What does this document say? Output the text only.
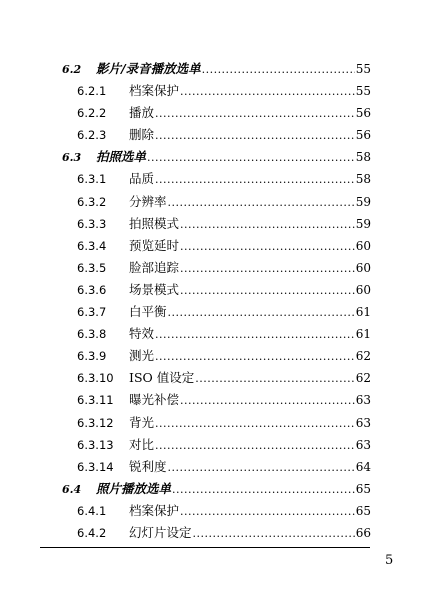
6.2	影片/录音播放选单 .....	55
6.2.1	档案保护 .....	55
6.2.2	播放 .....	56
6.2.3	删除 .....	56
6.3	拍照选单 .....	58
6.3.1	品质 .....	58
6.3.2	分辨率 .....	59
6.3.3	拍照模式 .....	59
6.3.4	预览延时 .....	60
6.3.5	脸部追踪 .....	60
6.3.6	场景模式 .....	60
6.3.7	白平衡 .....	61
6.3.8	特效 .....	61
6.3.9	测光 .....	62
6.3.10	ISO 值设定 .....	62
6.3.11	曝光补偿 .....	63
6.3.12	背光 .....	63
6.3.13	对比 .....	63
6.3.14	锐利度 .....	64
6.4	照片播放选单 .....	65
6.4.1	档案保护 .....	65
6.4.2	幻灯片设定 .....	66
5
